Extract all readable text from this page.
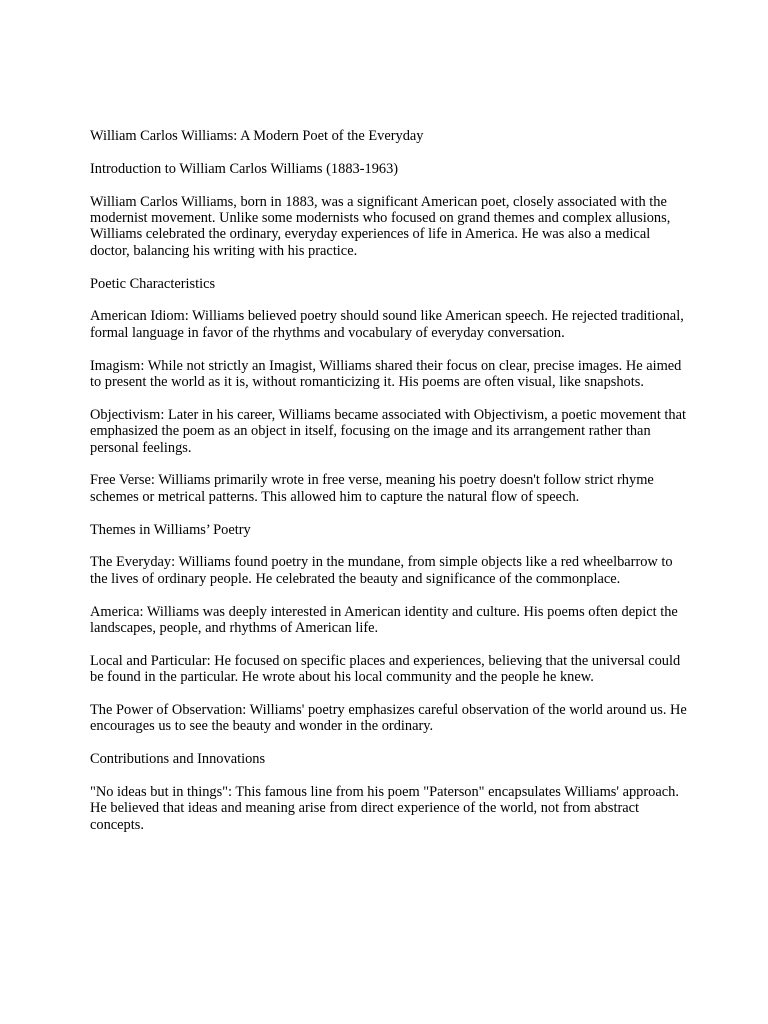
William Carlos Williams: A Modern Poet of the Everyday

Introduction to William Carlos Williams (1883-1963)

William Carlos Williams, born in 1883, was a significant American poet, closely associated with the modernist movement. Unlike some modernists who focused on grand themes and complex allusions, Williams celebrated the ordinary, everyday experiences of life in America. He was also a medical doctor, balancing his writing with his practice.

Poetic Characteristics

American Idiom: Williams believed poetry should sound like American speech. He rejected traditional, formal language in favor of the rhythms and vocabulary of everyday conversation.

Imagism: While not strictly an Imagist, Williams shared their focus on clear, precise images. He aimed to present the world as it is, without romanticizing it. His poems are often visual, like snapshots.

Objectivism: Later in his career, Williams became associated with Objectivism, a poetic movement that emphasized the poem as an object in itself, focusing on the image and its arrangement rather than personal feelings.

Free Verse: Williams primarily wrote in free verse, meaning his poetry doesn't follow strict rhyme schemes or metrical patterns. This allowed him to capture the natural flow of speech.

Themes in Williams’ Poetry

The Everyday: Williams found poetry in the mundane, from simple objects like a red wheelbarrow to the lives of ordinary people. He celebrated the beauty and significance of the commonplace.

America: Williams was deeply interested in American identity and culture. His poems often depict the landscapes, people, and rhythms of American life.

Local and Particular: He focused on specific places and experiences, believing that the universal could be found in the particular. He wrote about his local community and the people he knew.

The Power of Observation: Williams' poetry emphasizes careful observation of the world around us. He encourages us to see the beauty and wonder in the ordinary.

Contributions and Innovations

"No ideas but in things": This famous line from his poem "Paterson" encapsulates Williams' approach. He believed that ideas and meaning arise from direct experience of the world, not from abstract concepts.
